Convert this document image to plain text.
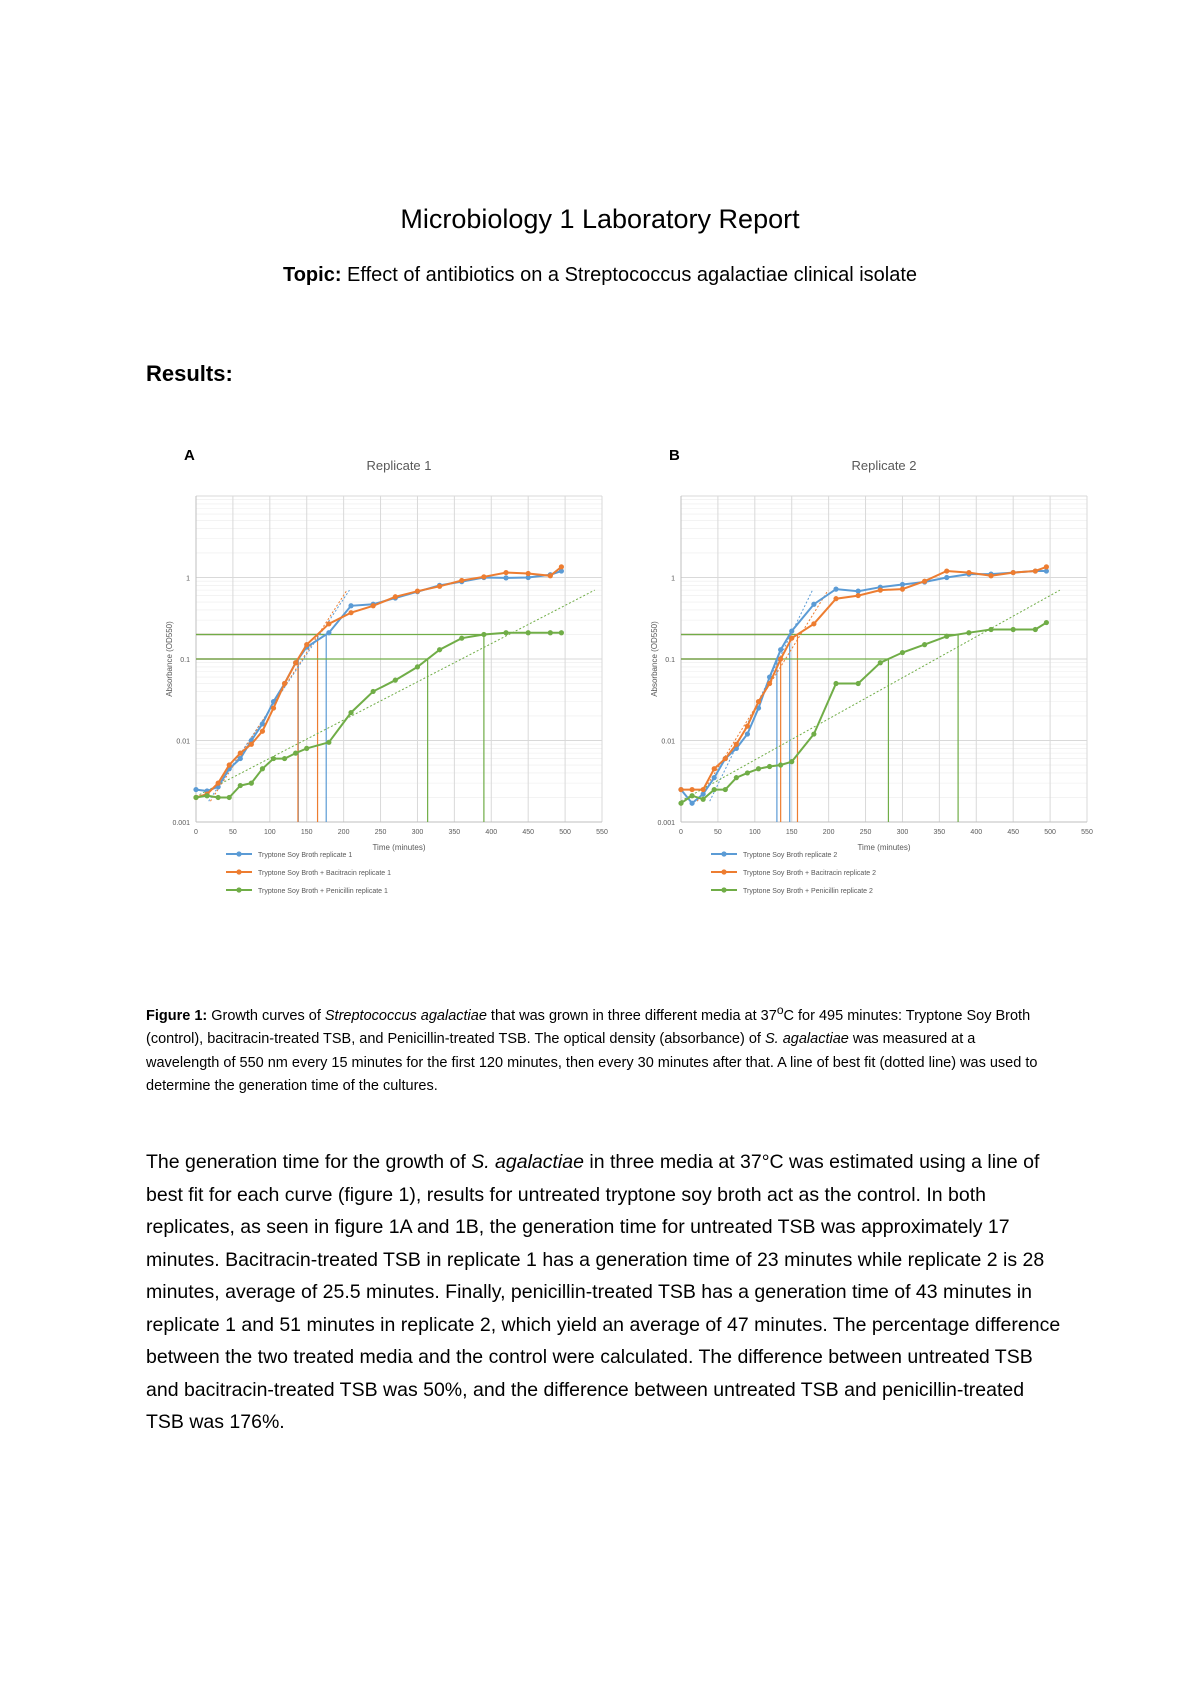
Microbiology 1 Laboratory Report
Topic: Effect of antibiotics on a Streptococcus agalactiae clinical isolate
Results:
A
Replicate 1
0.001
0.01
0.1
1
0	50	100	150	200	250	300	350	400	450	500	550
Time (minutes)
Absorbance (OD550)
Tryptone Soy Broth replicate 1
Tryptone Soy Broth + Bacitracin replicate 1
Tryptone Soy Broth + Penicillin replicate 1
B
Replicate 2
0.001
0.01
0.1
1
0	50	100	150	200	250	300	350	400	450	500	550
Time (minutes)
Absorbance (OD550)
Tryptone Soy Broth replicate 2
Tryptone Soy Broth + Bacitracin replicate 2
Tryptone Soy Broth + Penicillin replicate 2
Figure 1: Growth curves of Streptococcus agalactiae that was grown in three different media at 37$^o$C for 495 minutes: Tryptone Soy Broth (control), bacitracin-treated TSB, and Penicillin-treated TSB. The optical density (absorbance) of S. agalactiae was measured at a wavelength of 550 nm every 15 minutes for the first 120 minutes, then every 30 minutes after that. A line of best fit (dotted line) was used to determine the generation time of the cultures.
The generation time for the growth of S. agalactiae in three media at 37°C was estimated using a line of best fit for each curve (figure 1), results for untreated tryptone soy broth act as the control. In both replicates, as seen in figure 1A and 1B, the generation time for untreated TSB was approximately 17 minutes. Bacitracin-treated TSB in replicate 1 has a generation time of 23 minutes while replicate 2 is 28 minutes, average of 25.5 minutes. Finally, penicillin-treated TSB has a generation time of 43 minutes in replicate 1 and 51 minutes in replicate 2, which yield an average of 47 minutes. The percentage difference between the two treated media and the control were calculated. The difference between untreated TSB and bacitracin-treated TSB was 50%, and the difference between untreated TSB and penicillin-treated TSB was 176%.
